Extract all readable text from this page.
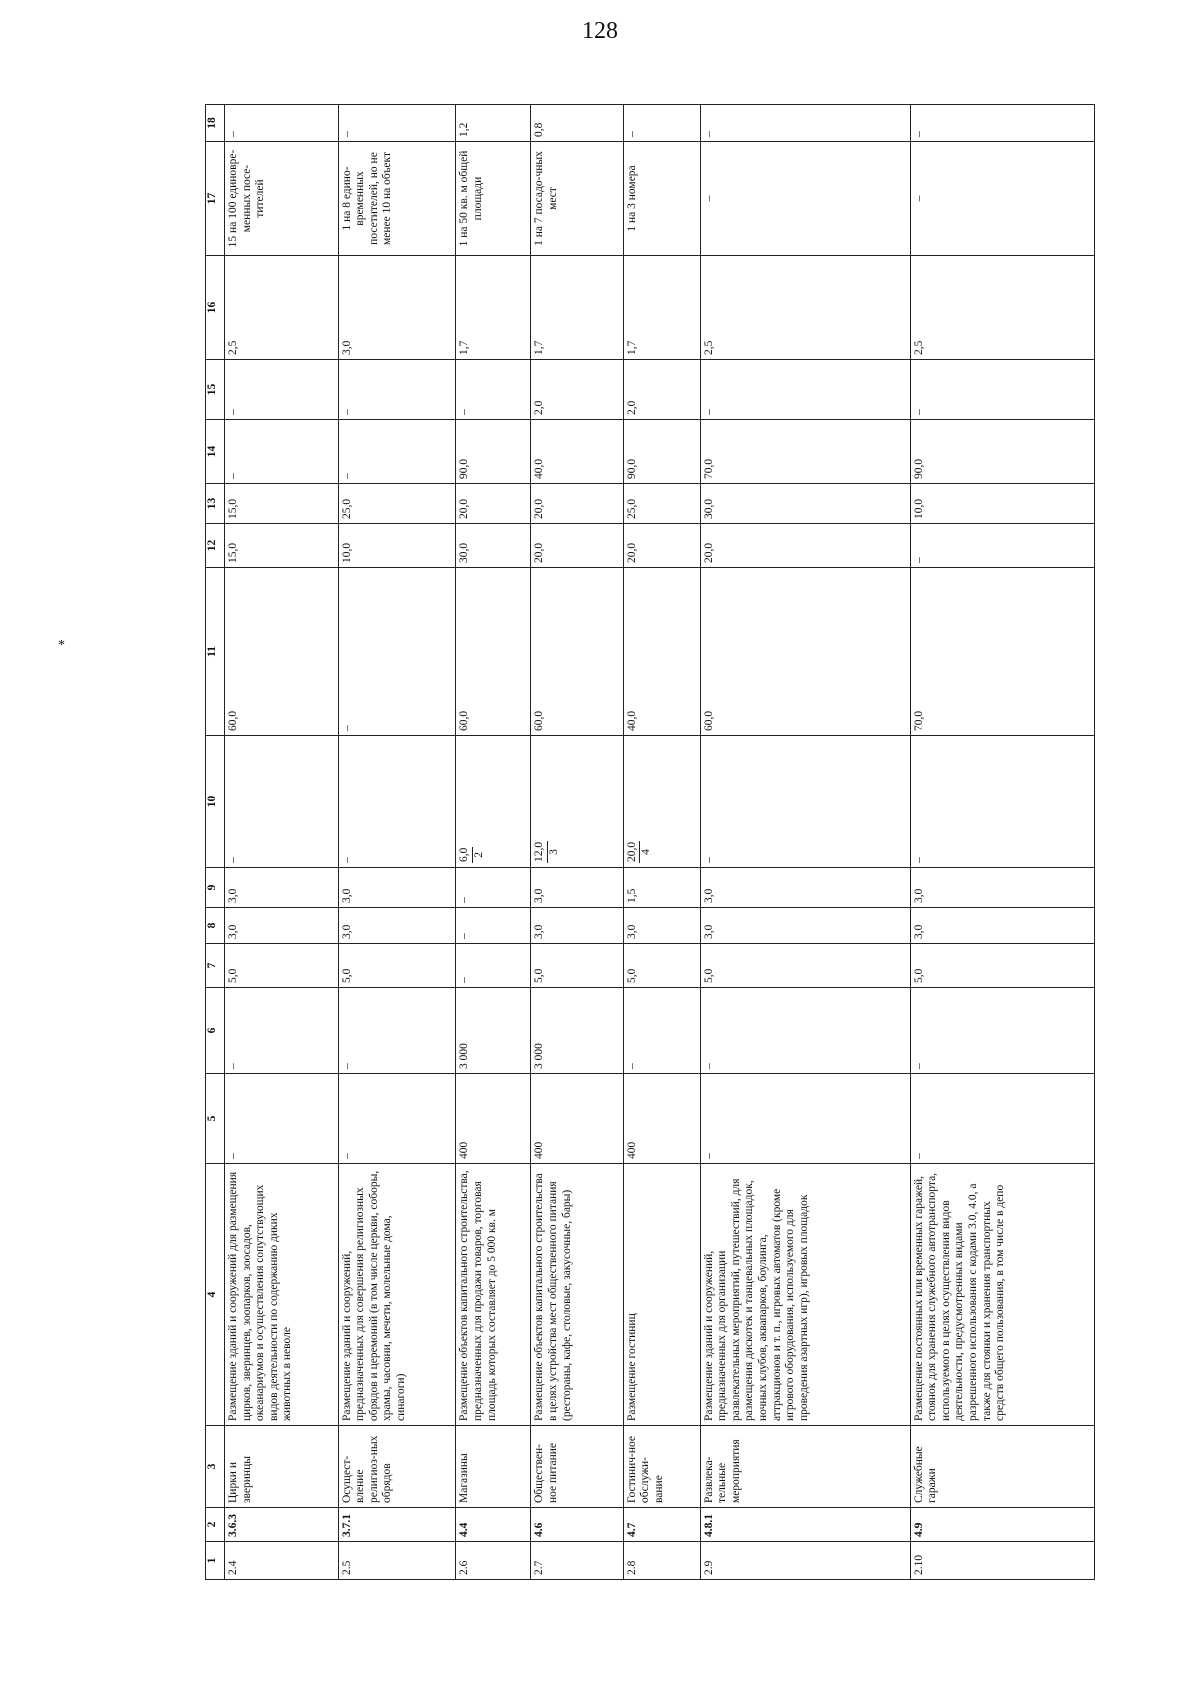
128
*
1	2	3	4	5	6	7	8	9	10	11	12	13	14	15	16	17	18
2.4	3.6.3	Цирки и зверинцы	Размещение зданий и сооружений для размещения цирков, зверинцев, зоопарков, зоосадов, океанариумов и осуществления сопутствующих видов деятельности по содержанию диких животных в неволе	–	–	5,0	3,0	3,0	–	60,0	15,0	15,0	–	–	2,5	15 на 100 единовре-менных посе-тителей	–
2.5	3.7.1	Осущест-вление религиоз-ных обрядов	Размещение зданий и сооружений, предназначенных для совершения религиозных обрядов и церемоний (в том числе церкви, соборы, храмы, часовни, мечети, молельные дома, синагоги)	–	–	5,0	3,0	3,0	–	–	10,0	25,0	–	–	3,0	1 на 8 едино-временных посетителей, но не менее 10 на объект	–
2.6	4.4	Магазины	Размещение объектов капитального строительства, предназначенных для продажи товаров, торговая площадь которых составляет до 5 000 кв. м	400	3 000	–	–	–	6,0 2	60,0	30,0	20,0	90,0	–	1,7	1 на 50 кв. м общей площади	1,2
2.7	4.6	Обществен-ное питание	Размещение объектов капитального строительства в целях устройства мест общественного питания (рестораны, кафе, столовые, закусочные, бары)	400	3 000	5,0	3,0	3,0	12,0 3	60,0	20,0	20,0	40,0	2,0	1,7	1 на 7 посадо-чных мест	0,8
2.8	4.7	Гостинич-ное обслужи-вание	Размещение гостиниц	400	–	5,0	3,0	1,5	20,0 4	40,0	20,0	25,0	90,0	2,0	1,7	1 на 3 номера	–
2.9	4.8.1	Развлека-тельные мероприятия	Размещение зданий и сооружений, предназначенных для организации развлекательных мероприятий, путешествий, для размещения дискотек и танцевальных площадок, ночных клубов, аквапарков, боулинга, аттракционов и т. п., игровых автоматов (кроме игрового оборудования, используемого для проведения азартных игр), игровых площадок	–	–	5,0	3,0	3,0	–	60,0	20,0	30,0	70,0	–	2,5	–	–
2.10	4.9	Служебные гаражи	Размещение постоянных или временных гаражей, стоянок для хранения служебного автотранспорта, используемого в целях осуществления видов деятельности, предусмотренных видами разрешенного использования с кодами 3.0, 4.0, а также для стоянки и хранения транспортных средств общего пользования, в том числе в депо	–	–	5,0	3,0	3,0	–	70,0	–	10,0	90,0	–	2,5	–	–
